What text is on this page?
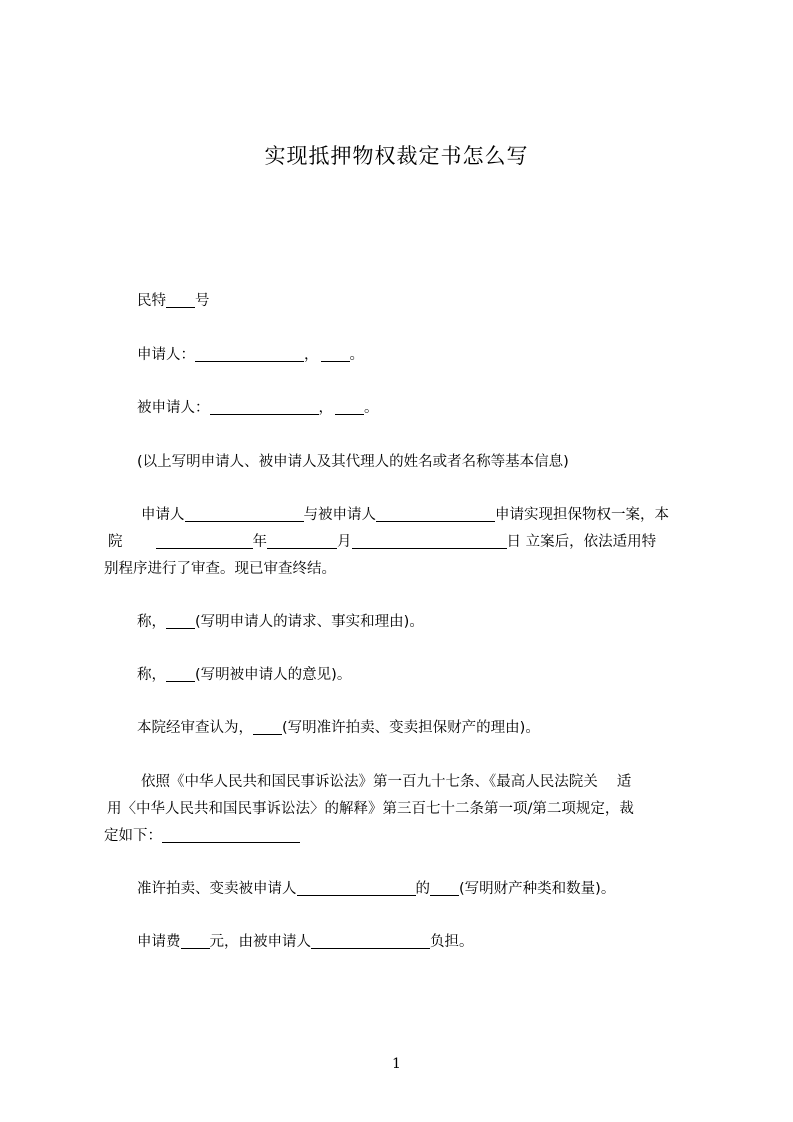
实现抵押物权裁定书怎么写
民特 号
申请人：	， 。
被申请人：	， 。
(以上写明申请人、被申请人及其代理人的姓名或者名称等基本信息)
申请人	与被申请人	申请实现担保物权一案，本
院	年	月	日 立案后，依法适用特
别程序进行了审查。现已审查终结。
称， (写明申请人的请求、事实和理由)。
称， (写明被申请人的意见)。
本院经审查认为， (写明准许拍卖、变卖担保财产的理由)。
依照《中华人民共和国民事诉讼法》第一百九十七条、《最高人民法院关 适
用〈中华人民共和国民事诉讼法〉的解释》第三百七十二条第一项/第二项规定，裁
定如下：
准许拍卖、变卖被申请人	的 (写明财产种类和数量)。
申请费 元，由被申请人	负担。
1
